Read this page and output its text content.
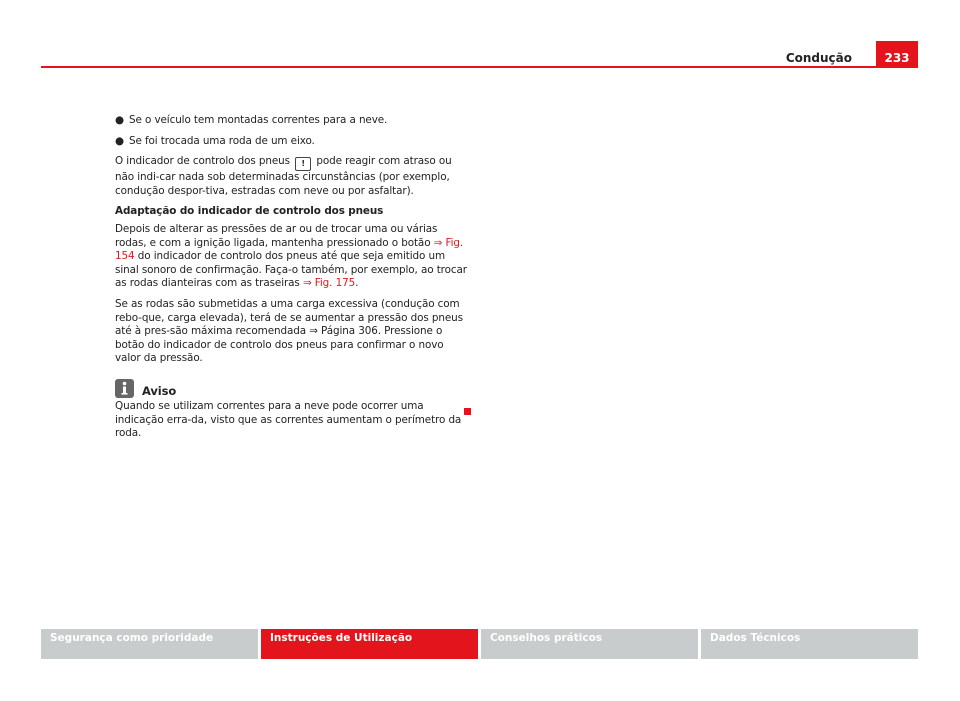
Condução	233
● Se o veículo tem montadas correntes para a neve.
● Se foi trocada uma roda de um eixo.

O indicador de controlo dos pneus ! pode reagir com atraso ou não indi-car nada sob determinadas circunstâncias (por exemplo, condução despor-tiva, estradas com neve ou por asfaltar).

Adaptação do indicador de controlo dos pneus

Depois de alterar as pressões de ar ou de trocar uma ou várias rodas, e com a ignição ligada, mantenha pressionado o botão ⇒ Fig. 154 do indicador de controlo dos pneus até que seja emitido um sinal sonoro de confirmação. Faça-o também, por exemplo, ao trocar as rodas dianteiras com as traseiras ⇒ Fig. 175.

Se as rodas são submetidas a uma carga excessiva (condução com rebo-que, carga elevada), terá de se aumentar a pressão dos pneus até à pres-são máxima recomendada ⇒ Página 306. Pressione o botão do indicador de controlo dos pneus para confirmar o novo valor da pressão.

Aviso

Quando se utilizam correntes para a neve pode ocorrer uma indicação erra-da, visto que as correntes aumentam o perímetro da roda.

Segurança como prioridade	Instruções de Utilização	Conselhos práticos	Dados Técnicos
